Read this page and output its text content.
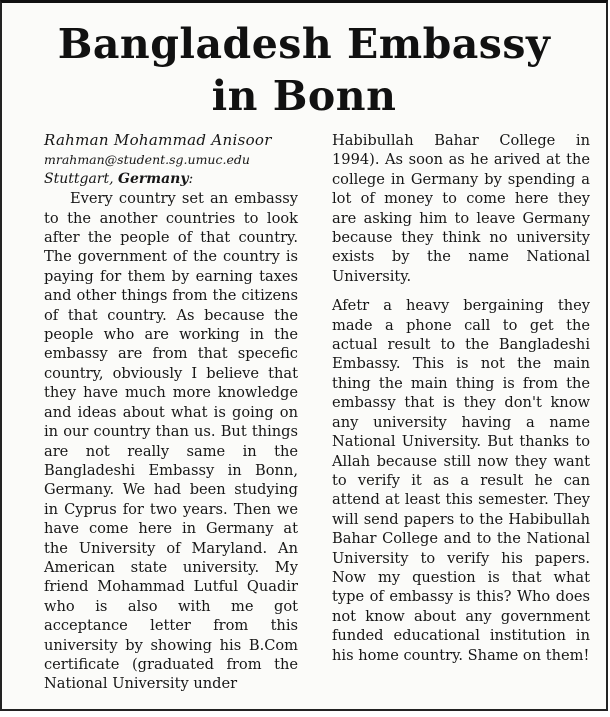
Bangladesh Embassy
in Bonn
Rahman Mohammad Anisoor
mrahman@student.sg.umuc.edu
Stuttgart, Germany:

Every country set an embassy to the another countries to look after the people of that country. The government of the country is paying for them by earning taxes and other things from the citizens of that country. As because the people who are working in the embassy are from that specefic country, obviously I believe that they have much more knowledge and ideas about what is going on in our country than us. But things are not really same in the Bangladeshi Embassy in Bonn, Germany. We had been studying in Cyprus for two years. Then we have come here in Germany at the University of Maryland. An American state university. My friend Mohammad Lutful Quadir who is also with me got acceptance letter from this university by showing his B.Com certificate (graduated from the National University under

Habibullah Bahar College in 1994). As soon as he arived at the college in Germany by spending a lot of money to come here they are asking him to leave Germany because they think no university exists by the name National University.

Afetr a heavy bergaining they made a phone call to get the actual result to the Bangladeshi Embassy. This is not the main thing the main thing is from the embassy that is they don't know any university having a name National University. But thanks to Allah because still now they want to verify it as a result he can attend at least this semester. They will send papers to the Habibullah Bahar College and to the National University to verify his papers. Now my question is that what type of embassy is this? Who does not know about any government funded educational institution in his home country. Shame on them!
